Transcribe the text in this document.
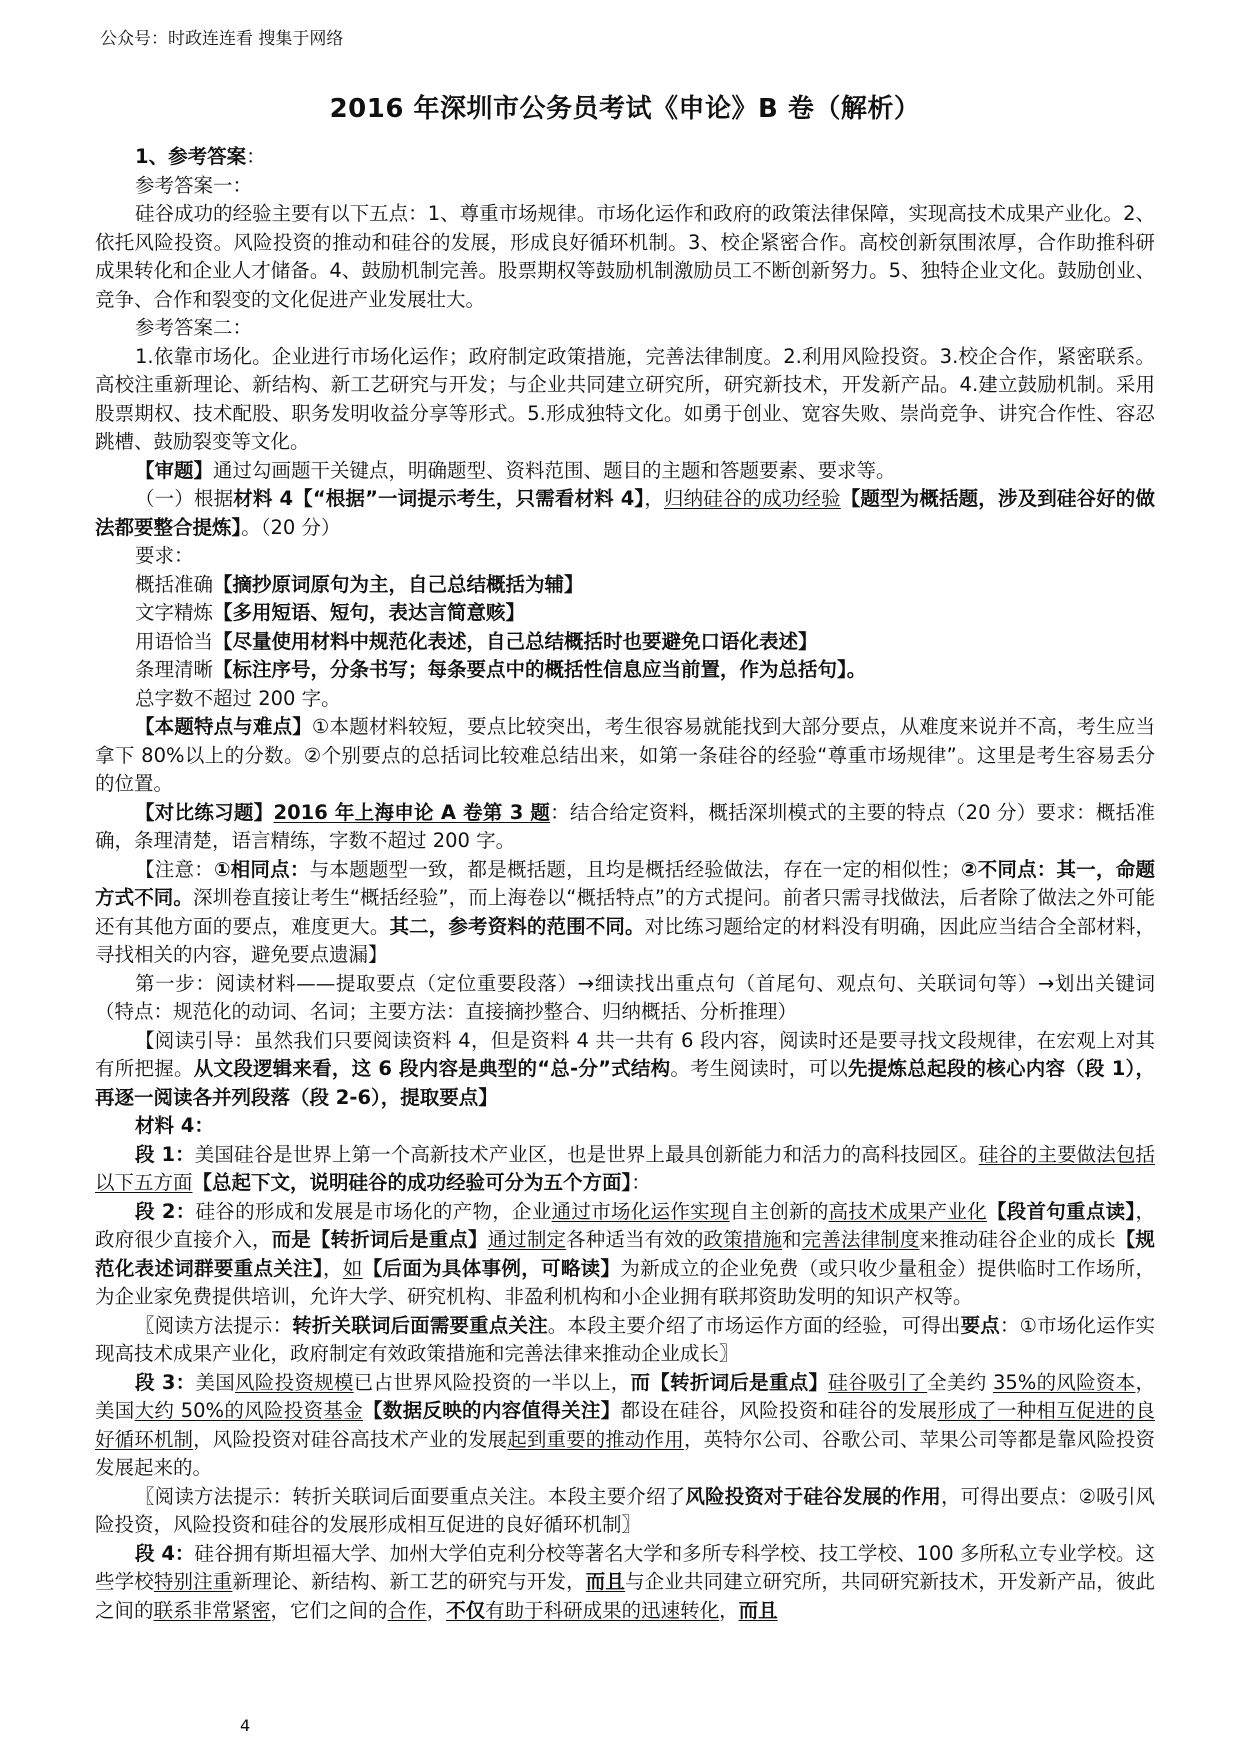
公众号：时政连连看 搜集于网络
2016 年深圳市公务员考试《申论》B 卷（解析）

1、参考答案：

参考答案一：

硅谷成功的经验主要有以下五点：1、尊重市场规律。市场化运作和政府的政策法律保障，实现高技术成果产业化。2、依托风险投资。风险投资的推动和硅谷的发展，形成良好循环机制。3、校企紧密合作。高校创新氛围浓厚，合作助推科研成果转化和企业人才储备。4、鼓励机制完善。股票期权等鼓励机制激励员工不断创新努力。5、独特企业文化。鼓励创业、竞争、合作和裂变的文化促进产业发展壮大。

参考答案二：

1.依靠市场化。企业进行市场化运作；政府制定政策措施，完善法律制度。2.利用风险投资。3.校企合作，紧密联系。高校注重新理论、新结构、新工艺研究与开发；与企业共同建立研究所，研究新技术，开发新产品。4.建立鼓励机制。采用股票期权、技术配股、职务发明收益分享等形式。5.形成独特文化。如勇于创业、宽容失败、崇尚竞争、讲究合作性、容忍跳槽、鼓励裂变等文化。

【审题】通过勾画题干关键点，明确题型、资料范围、题目的主题和答题要素、要求等。

（一）根据材料 4【“根据”一词提示考生，只需看材料 4】，归纳硅谷的成功经验【题型为概括题，涉及到硅谷好的做法都要整合提炼】。（20 分）

要求：

概括准确【摘抄原词原句为主，自己总结概括为辅】

文字精炼【多用短语、短句，表达言简意赅】

用语恰当【尽量使用材料中规范化表述，自己总结概括时也要避免口语化表述】

条理清晰【标注序号，分条书写；每条要点中的概括性信息应当前置，作为总括句】。

总字数不超过 200 字。

【本题特点与难点】①本题材料较短，要点比较突出，考生很容易就能找到大部分要点，从难度来说并不高，考生应当拿下 80%以上的分数。②个别要点的总括词比较难总结出来，如第一条硅谷的经验“尊重市场规律”。这里是考生容易丢分的位置。

【对比练习题】2016 年上海申论 A 卷第 3 题：结合给定资料，概括深圳模式的主要的特点（20 分）要求：概括准确，条理清楚，语言精练，字数不超过 200 字。

【注意：①相同点：与本题题型一致，都是概括题，且均是概括经验做法，存在一定的相似性；②不同点：其一，命题方式不同。深圳卷直接让考生“概括经验”，而上海卷以“概括特点”的方式提问。前者只需寻找做法，后者除了做法之外可能还有其他方面的要点，难度更大。其二，参考资料的范围不同。对比练习题给定的材料没有明确，因此应当结合全部材料，寻找相关的内容，避免要点遗漏】

第一步：阅读材料——提取要点（定位重要段落）→细读找出重点句（首尾句、观点句、关联词句等）→划出关键词（特点：规范化的动词、名词；主要方法：直接摘抄整合、归纳概括、分析推理）

【阅读引导：虽然我们只要阅读资料 4，但是资料 4 共一共有 6 段内容，阅读时还是要寻找文段规律，在宏观上对其有所把握。从文段逻辑来看，这 6 段内容是典型的“总-分”式结构。考生阅读时，可以先提炼总起段的核心内容（段 1），再逐一阅读各并列段落（段 2-6），提取要点】

材料 4：

段 1：美国硅谷是世界上第一个高新技术产业区，也是世界上最具创新能力和活力的高科技园区。硅谷的主要做法包括以下五方面【总起下文，说明硅谷的成功经验可分为五个方面】：

段 2：硅谷的形成和发展是市场化的产物，企业通过市场化运作实现自主创新的高技术成果产业化【段首句重点读】，政府很少直接介入，而是【转折词后是重点】通过制定各种适当有效的政策措施和完善法律制度来推动硅谷企业的成长【规范化表述词群要重点关注】，如【后面为具体事例，可略读】为新成立的企业免费（或只收少量租金）提供临时工作场所，为企业家免费提供培训，允许大学、研究机构、非盈利机构和小企业拥有联邦资助发明的知识产权等。

〖阅读方法提示：转折关联词后面需要重点关注。本段主要介绍了市场运作方面的经验，可得出要点：①市场化运作实现高技术成果产业化，政府制定有效政策措施和完善法律来推动企业成长〗

段 3：美国风险投资规模已占世界风险投资的一半以上，而【转折词后是重点】硅谷吸引了全美约 35%的风险资本，美国大约 50%的风险投资基金【数据反映的内容值得关注】都设在硅谷，风险投资和硅谷的发展形成了一种相互促进的良好循环机制，风险投资对硅谷高技术产业的发展起到重要的推动作用，英特尔公司、谷歌公司、苹果公司等都是靠风险投资发展起来的。

〖阅读方法提示：转折关联词后面要重点关注。本段主要介绍了风险投资对于硅谷发展的作用，可得出要点：②吸引风险投资，风险投资和硅谷的发展形成相互促进的良好循环机制〗

段 4：硅谷拥有斯坦福大学、加州大学伯克利分校等著名大学和多所专科学校、技工学校、100 多所私立专业学校。这些学校特别注重新理论、新结构、新工艺的研究与开发，而且与企业共同建立研究所，共同研究新技术，开发新产品，彼此之间的联系非常紧密，它们之间的合作，不仅有助于科研成果的迅速转化，而且

4
